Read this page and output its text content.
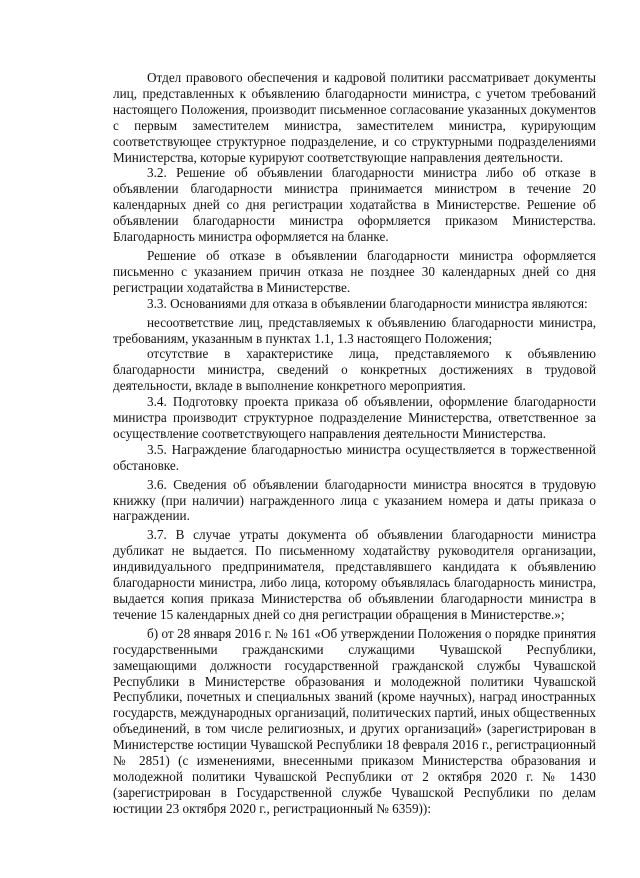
Отдел правового обеспечения и кадровой политики рассматривает документы лиц, представленных к объявлению благодарности министра, с учетом требований настоящего Положения, производит письменное согласование указанных документов с первым заместителем министра, заместителем министра, курирующим соответствующее структурное подразделение, и со структурными подразделениями Министерства, которые курируют соответствующие направления деятельности.

3.2. Решение об объявлении благодарности министра либо об отказе в объявлении благодарности министра принимается министром в течение 20 календарных дней со дня регистрации ходатайства в Министерстве. Решение об объявлении благодарности министра оформляется приказом Министерства. Благодарность министра оформляется на бланке.

Решение об отказе в объявлении благодарности министра оформляется письменно с указанием причин отказа не позднее 30 календарных дней со дня регистрации ходатайства в Министерстве.

3.3. Основаниями для отказа в объявлении благодарности министра являются:

несоответствие лиц, представляемых к объявлению благодарности министра, требованиям, указанным в пунктах 1.1, 1.3 настоящего Положения;

отсутствие в характеристике лица, представляемого к объявлению благодарности министра, сведений о конкретных достижениях в трудовой деятельности, вкладе в выполнение конкретного мероприятия.

3.4. Подготовку проекта приказа об объявлении, оформление благодарности министра производит структурное подразделение Министерства, ответственное за осуществление соответствующего направления деятельности Министерства.

3.5. Награждение благодарностью министра осуществляется в торжественной обстановке.

3.6. Сведения об объявлении благодарности министра вносятся в трудовую книжку (при наличии) награжденного лица с указанием номера и даты приказа о награждении.

3.7. В случае утраты документа об объявлении благодарности министра дубликат не выдается. По письменному ходатайству руководителя организации, индивидуального предпринимателя, представлявшего кандидата к объявлению благодарности министра, либо лица, которому объявлялась благодарность министра, выдается копия приказа Министерства об объявлении благодарности министра в течение 15 календарных дней со дня регистрации обращения в Министерстве.»;

б) от 28 января 2016 г. № 161 «Об утверждении Положения о порядке принятия государственными гражданскими служащими Чувашской Республики, замещающими должности государственной гражданской службы Чувашской Республики в Министерстве образования и молодежной политики Чувашской Республики, почетных и специальных званий (кроме научных), наград иностранных государств, международных организаций, политических партий, иных общественных объединений, в том числе религиозных, и других организаций» (зарегистрирован в Министерстве юстиции Чувашской Республики 18 февраля 2016 г., регистрационный № 2851) (с изменениями, внесенными приказом Министерства образования и молодежной политики Чувашской Республики от 2 октября 2020 г. № 1430 (зарегистрирован в Государственной службе Чувашской Республики по делам юстиции 23 октября 2020 г., регистрационный № 6359)):
